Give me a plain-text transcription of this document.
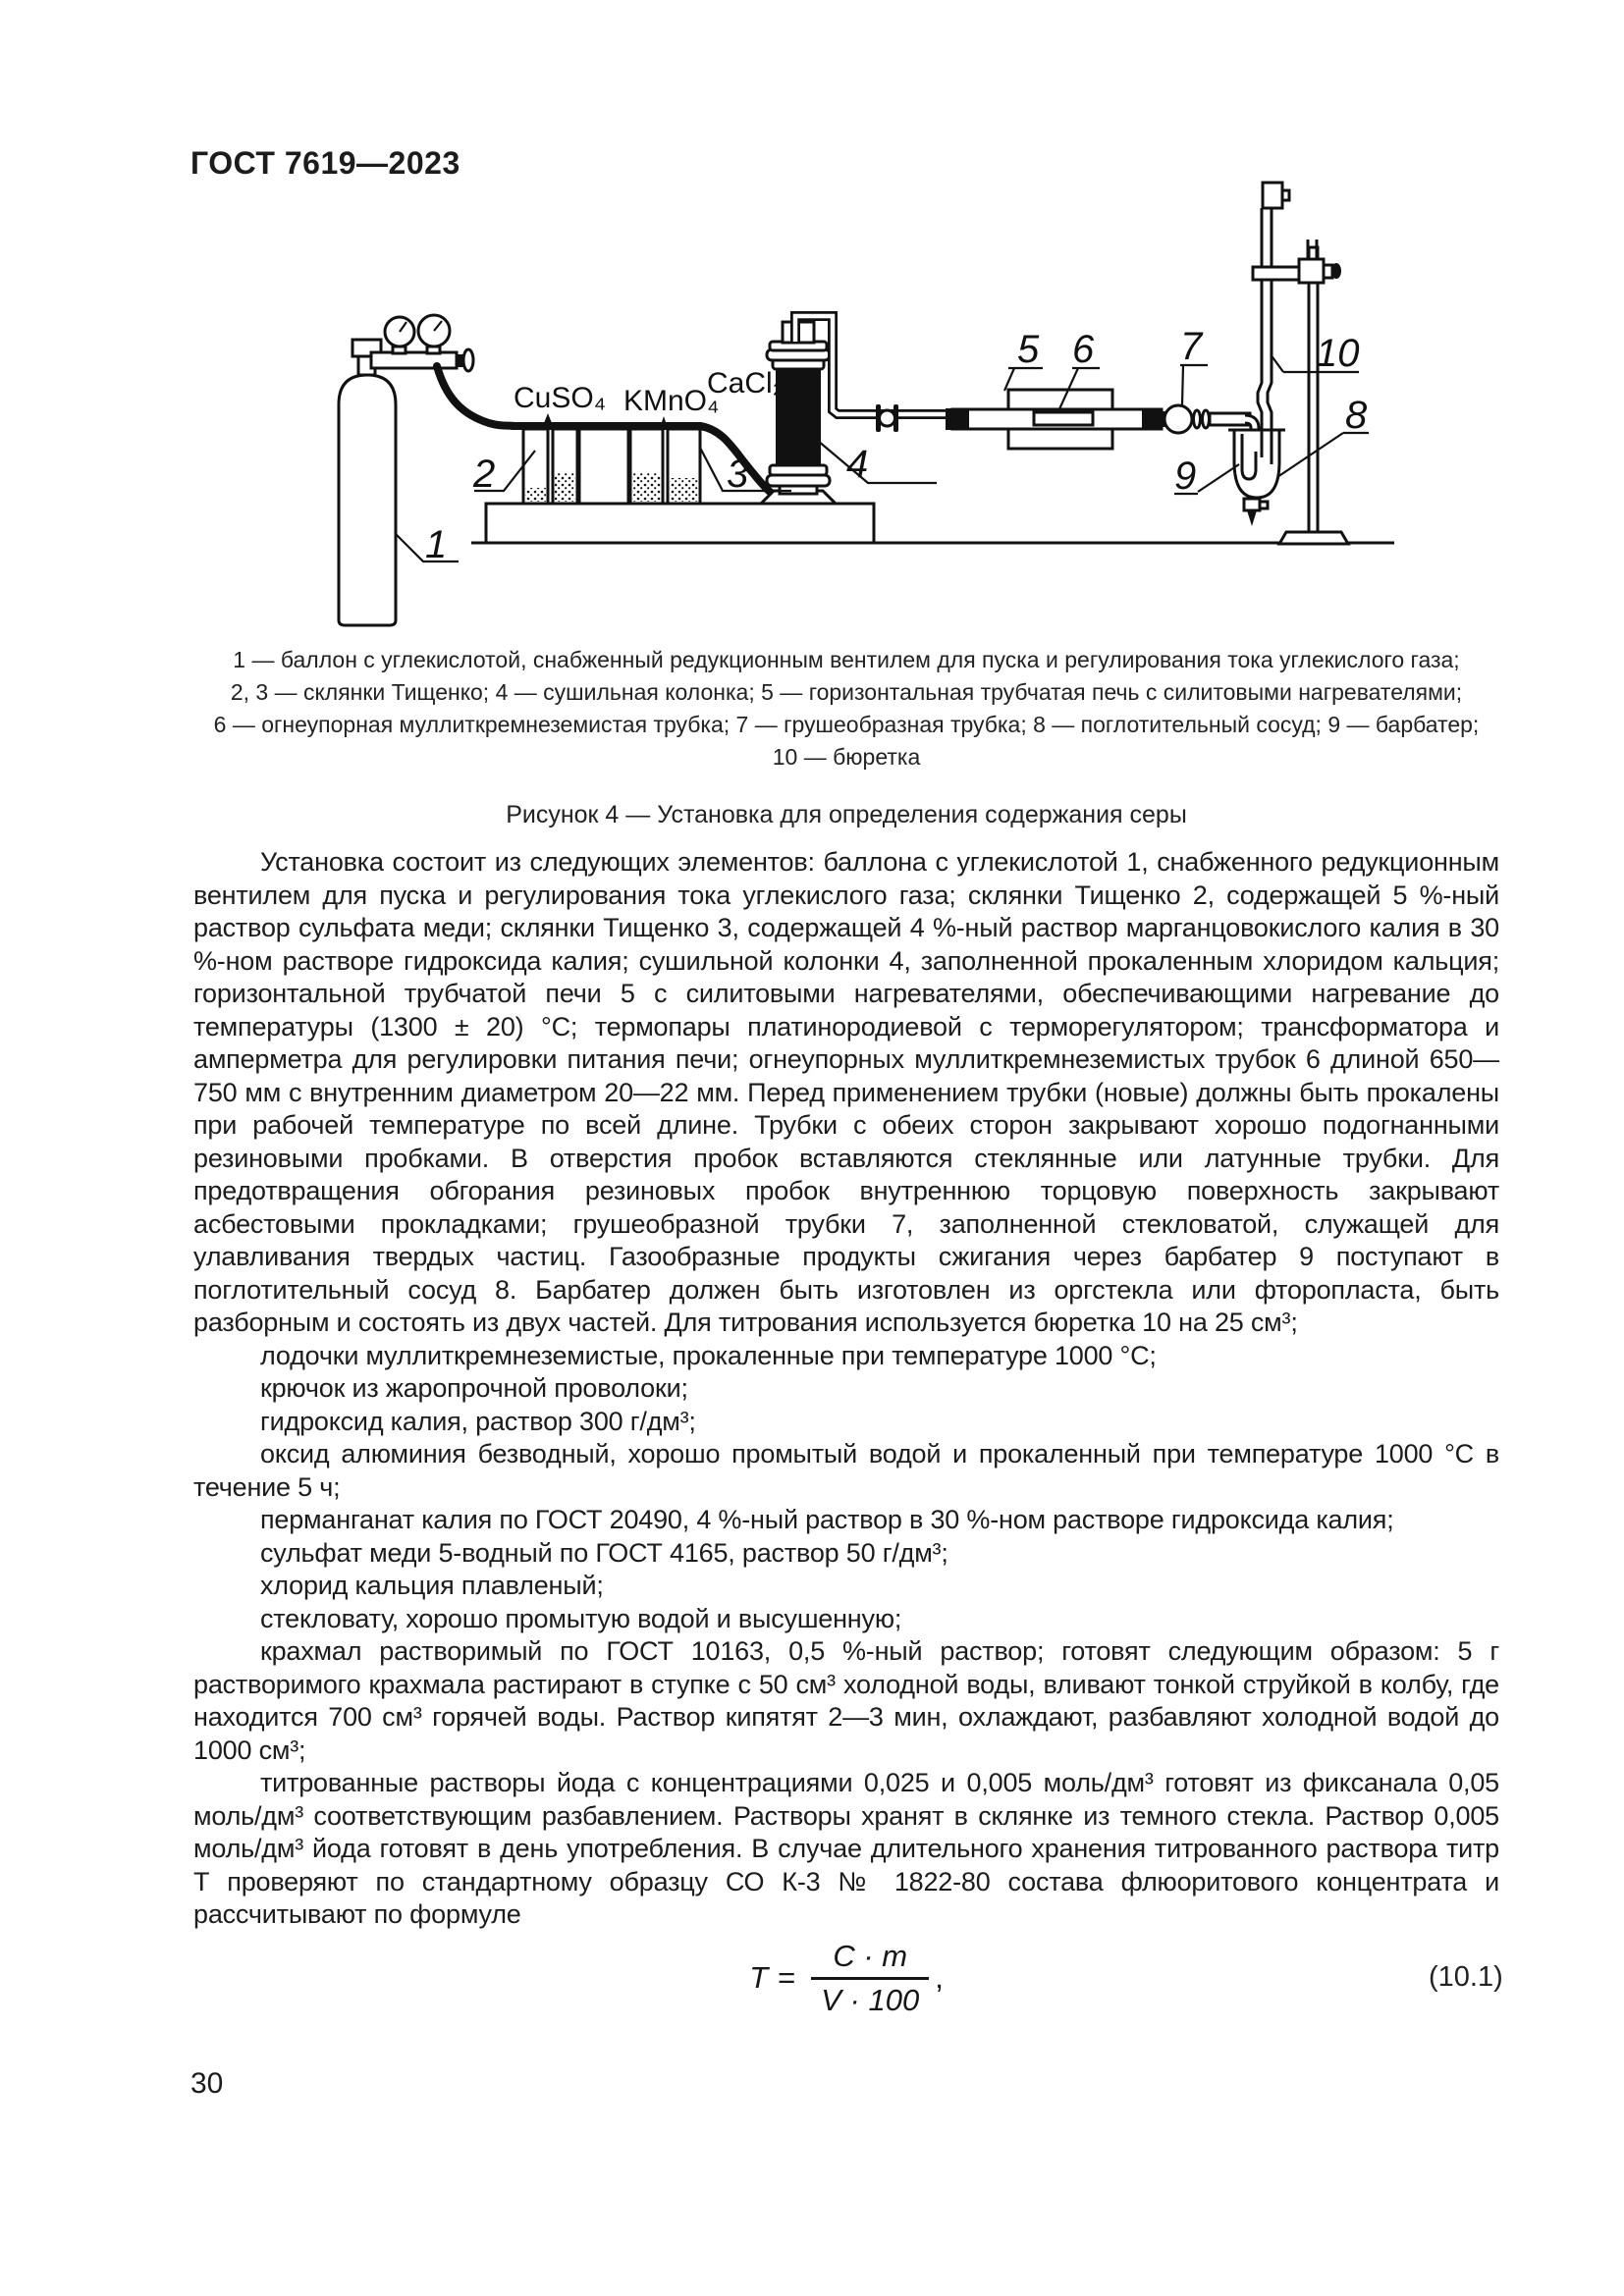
ГОСТ 7619—2023
1
2	3 4
5 6 7
8
9
10
CuSO₄ KMnO₄
CaCl₂
1 — баллон с углекислотой, снабженный редукционным вентилем для пуска и регулирования тока углекислого газа;
2, 3 — склянки Тищенко; 4 — сушильная колонка; 5 — горизонтальная трубчатая печь с силитовыми нагревателями;
6 — огнеупорная муллиткремнеземистая трубка; 7 — грушеобразная трубка; 8 — поглотительный сосуд; 9 — барбатер;
10 — бюретка
Рисунок 4 — Установка для определения содержания серы

Установка состоит из следующих элементов: баллона с углекислотой 1, снабженного редукционным вентилем для пуска и регулирования тока углекислого газа; склянки Тищенко 2, содержащей 5 %-ный раствор сульфата меди; склянки Тищенко 3, содержащей 4 %-ный раствор марганцовокислого калия в 30 %-ном растворе гидроксида калия; сушильной колонки 4, заполненной прокаленным хлоридом кальция; горизонтальной трубчатой печи 5 с силитовыми нагревателями, обеспечивающими нагревание до температуры (1300 ± 20) °С; термопары платинородиевой с терморегулятором; трансформатора и амперметра для регулировки питания печи; огнеупорных муллиткремнеземистых трубок 6 длиной 650—750 мм с внутренним диаметром 20—22 мм. Перед применением трубки (новые) должны быть прокалены при рабочей температуре по всей длине. Трубки с обеих сторон закрывают хорошо подогнанными резиновыми пробками. В отверстия пробок вставляются стеклянные или латунные трубки. Для предотвращения обгорания резиновых пробок внутреннюю торцовую поверхность закрывают асбестовыми прокладками; грушеобразной трубки 7, заполненной стекловатой, служащей для улавливания твердых частиц. Газообразные продукты сжигания через барбатер 9 поступают в поглотительный сосуд 8. Барбатер должен быть изготовлен из оргстекла или фторопласта, быть разборным и состоять из двух частей. Для титрования используется бюретка 10 на 25 см³;

лодочки муллиткремнеземистые, прокаленные при температуре 1000 °С;

крючок из жаропрочной проволоки;

гидроксид калия, раствор 300 г/дм³;

оксид алюминия безводный, хорошо промытый водой и прокаленный при температуре 1000 °С в течение 5 ч;

перманганат калия по ГОСТ 20490, 4 %-ный раствор в 30 %-ном растворе гидроксида калия;

сульфат меди 5-водный по ГОСТ 4165, раствор 50 г/дм³;

хлорид кальция плавленый;

стекловату, хорошо промытую водой и высушенную;

крахмал растворимый по ГОСТ 10163, 0,5 %-ный раствор; готовят следующим образом: 5 г растворимого крахмала растирают в ступке с 50 см³ холодной воды, вливают тонкой струйкой в колбу, где находится 700 см³ горячей воды. Раствор кипятят 2—3 мин, охлаждают, разбавляют холодной водой до 1000 см³;

титрованные растворы йода с концентрациями 0,025 и 0,005 моль/дм³ готовят из фиксанала 0,05 моль/дм³ соответствующим разбавлением. Растворы хранят в склянке из темного стекла. Раствор 0,005 моль/дм³ йода готовят в день употребления. В случае длительного хранения титрованного раствора титр Т проверяют по стандартному образцу СО К-3 № 1822-80 состава флюоритового концентрата и рассчитывают по формуле

$Т = \frac{C \cdot m}{V \cdot 100}$ ,	(10.1)
30
